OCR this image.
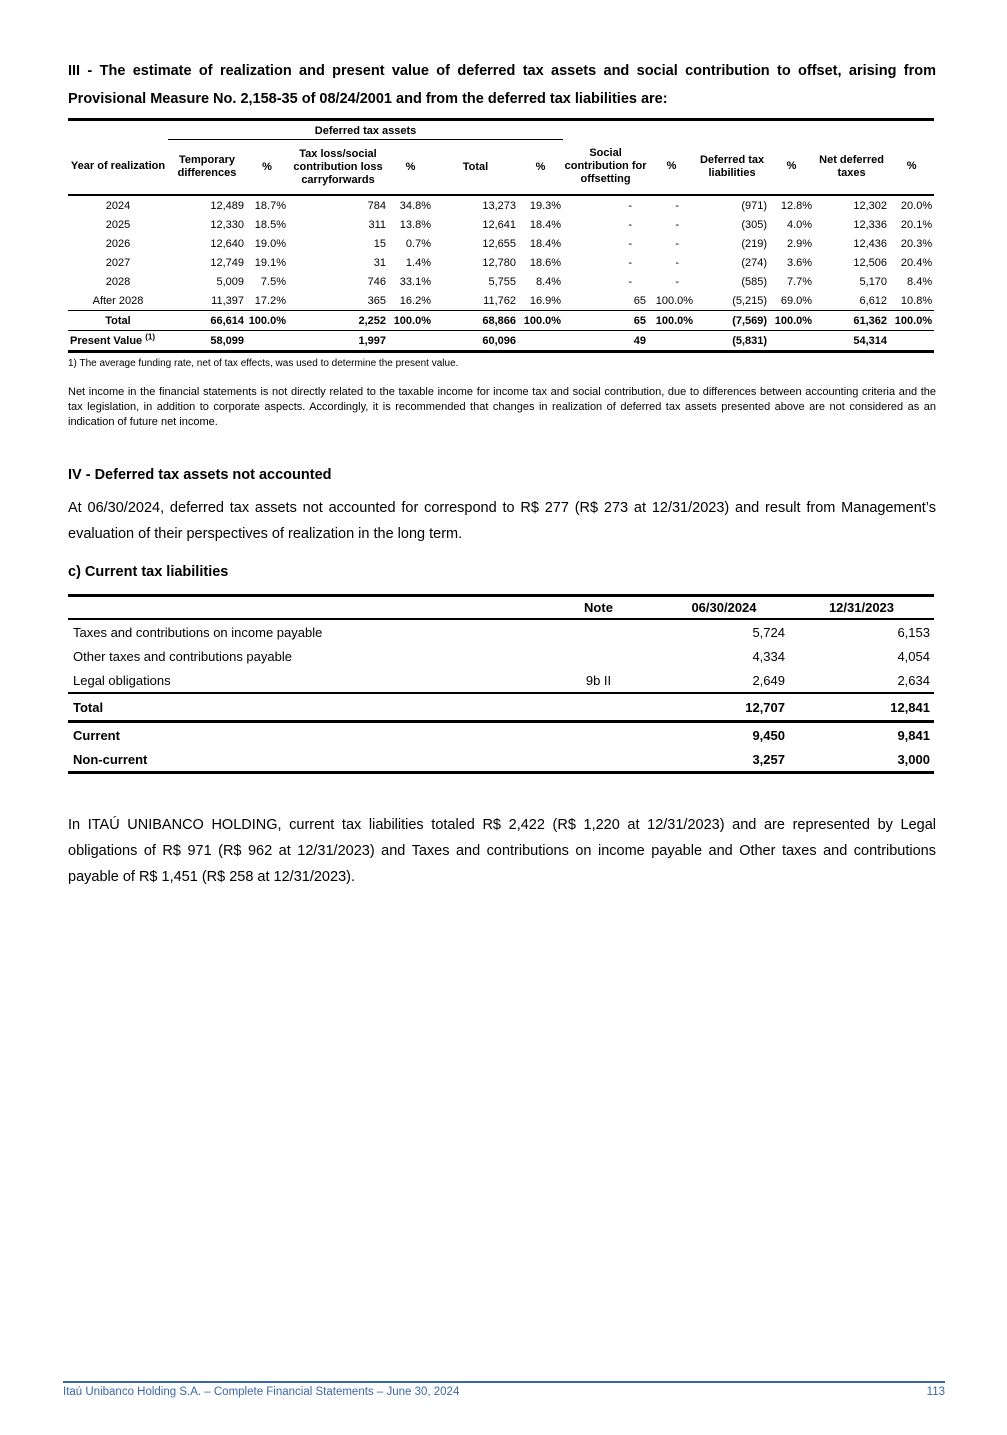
III - The estimate of realization and present value of deferred tax assets and social contribution to offset, arising from Provisional Measure No. 2,158-35 of 08/24/2001 and from the deferred tax liabilities are:
	Deferred tax assets											
Year of realization	Temporary differences	%	Tax loss/social contribution loss carryforwards	%	Total	%	Social contribution for offsetting	%	Deferred tax liabilities	%	Net deferred taxes	%
2024	12,489	18.7%	784	34.8%	13,273	19.3%	-	-	(971)	12.8%	12,302	20.0%
2025	12,330	18.5%	311	13.8%	12,641	18.4%	-	-	(305)	4.0%	12,336	20.1%
2026	12,640	19.0%	15	0.7%	12,655	18.4%	-	-	(219)	2.9%	12,436	20.3%
2027	12,749	19.1%	31	1.4%	12,780	18.6%	-	-	(274)	3.6%	12,506	20.4%
2028	5,009	7.5%	746	33.1%	5,755	8.4%	-	-	(585)	7.7%	5,170	8.4%
After 2028	11,397	17.2%	365	16.2%	11,762	16.9%	65	100.0%	(5,215)	69.0%	6,612	10.8%
Total	66,614	100.0%	2,252	100.0%	68,866	100.0%	65	100.0%	(7,569)	100.0%	61,362	100.0%
Present Value $^{(1)}$	58,099		1,997		60,096		49		(5,831)		54,314	
1) The average funding rate, net of tax effects, was used to determine the present value.
Net income in the financial statements is not directly related to the taxable income for income tax and social contribution, due to differences between accounting criteria and the tax legislation, in addition to corporate aspects. Accordingly, it is recommended that changes in realization of deferred tax assets presented above are not considered as an indication of future net income.
IV - Deferred tax assets not accounted
At 06/30/2024, deferred tax assets not accounted for correspond to R$ 277 (R$ 273 at 12/31/2023) and result from Management’s evaluation of their perspectives of realization in the long term.
c) Current tax liabilities
	Note	06/30/2024	12/31/2023
Taxes and contributions on income payable		5,724	6,153
Other taxes and contributions payable		4,334	4,054
Legal obligations	9b II	2,649	2,634
Total		12,707	12,841
Current		9,450	9,841
Non-current		3,257	3,000
In ITAÚ UNIBANCO HOLDING, current tax liabilities totaled R$ 2,422 (R$ 1,220 at 12/31/2023) and are represented by Legal obligations of R$ 971 (R$ 962 at 12/31/2023) and Taxes and contributions on income payable and Other taxes and contributions payable of R$ 1,451 (R$ 258 at 12/31/2023).
Itaú Unibanco Holding S.A. – Complete Financial Statements – June 30, 2024	113
